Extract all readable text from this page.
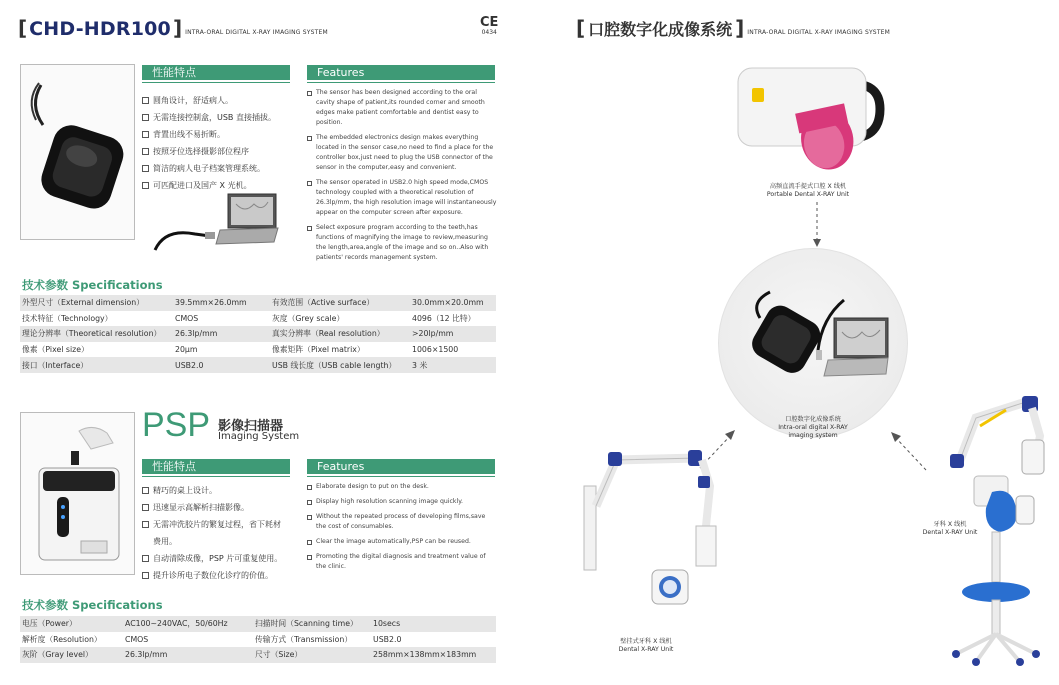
[ CHD-HDR100 ] INTRA-ORAL DIGITAL X-RAY IMAGING SYSTEM
CE
0434
性能特点	Features
圆角设计，舒适病人。
无需连接控制盒，USB 直接插拔。
背置出线不易折断。
按照牙位选择摄影部位程序
简洁的病人电子档案管理系统。
可匹配进口及国产 X 光机。
The sensor has been designed according to the oral cavity shape of patient,its rounded corner and smooth edges make patient comfortable and dentist easy to position.
The embedded electronics design makes everything located in the sensor case,no need to find a place for the controller box,just need to plug the USB connector of the sensor in the computer,easy and convenient.
The sensor operated in USB2.0 high speed mode,CMOS technology coupled with a theoretical resolution of 26.3lp/mm, the high resolution image will instantaneously appear on the computer screen after exposure.
Select exposure program according to the teeth,has functions of magnifying the image to review,measuring the length,area,angle of the image and so on..Also with patients' records management system.
技术参数 Specifications
外型尺寸（External dimension）	39.5mm×26.0mm	有效范围（Active surface）	30.0mm×20.0mm
技术特征（Technology）	CMOS	灰度（Grey scale）	4096（12 比特）
理论分辨率（Theoretical resolution）	26.3lp/mm	真实分辨率（Real resolution）	>20lp/mm
像素（Pixel size）	20μm	像素矩阵（Pixel matrix）	1006×1500
接口（Interface）	USB2.0	USB 线长度（USB cable length）	3 米
PSP 影像扫描器
Imaging System
性能特点	Features
精巧的桌上设计。
迅速显示高解析扫描影像。
无需冲洗胶片的繁复过程，省下耗材
费用。
自动清除成像，PSP 片可重复使用。
提升诊所电子数位化诊疗的价值。
Elaborate design to put on the desk.
Display high resolution scanning image quickly.
Without the repeated process of developing films,save the cost of consumables.
Clear the image automatically,PSP can be reused.
Promoting the digital diagnosis and treatment value of the clinic.
技术参数 Specifications
电压（Power）	AC100~240VAC，50/60Hz	扫描时间（Scanning time）	10secs
解析度（Resolution）	CMOS	传输方式（Transmission）	USB2.0
灰阶（Gray level）	26.3lp/mm	尺寸（Size）	258mm×138mm×183mm
[ 口腔数字化成像系统 ] INTRA-ORAL DIGITAL X-RAY IMAGING SYSTEM
高频直流手提式口腔 X 线机
Portable Dental X-RAY Unit
口腔数字化成像系统
Intra-oral digital X-RAY
imaging system
壁挂式牙科 X 线机
Dental X-RAY Unit
牙科 X 线机
Dental X-RAY Unit
